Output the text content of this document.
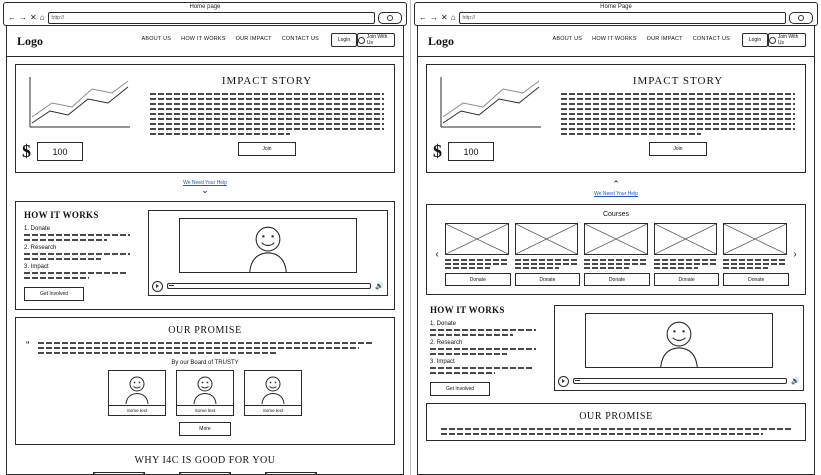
Home page
← → ✕ ⌂	http://
Logo	ABOUT US HOW IT WORKS OUR IMPACT CONTACT US	Login	Join With Us
$	100
IMPACT STORY
Join
We Need Your Help
⌄
HOW IT WORKS
1. Donate
2. Research
3. Impact
Get Involved
🔊
OUR PROMISE
“
By our Board of TRUSTY
Some text	Some text	Some text
More
WHY I4C IS GOOD FOR YOU
Home Page
← → ✕ ⌂	http://
Logo	ABOUT US HOW IT WORKS OUR IMPACT CONTACT US	Login	Join With Us
$	100
IMPACT STORY
Join
⌃
We Need Your Help
Courses
‹
Donate	Donate	Donate	Donate	Donate
›
HOW IT WORKS
1. Donate
2. Research
3. Impact
Get Involved
🔊
OUR PROMISE
